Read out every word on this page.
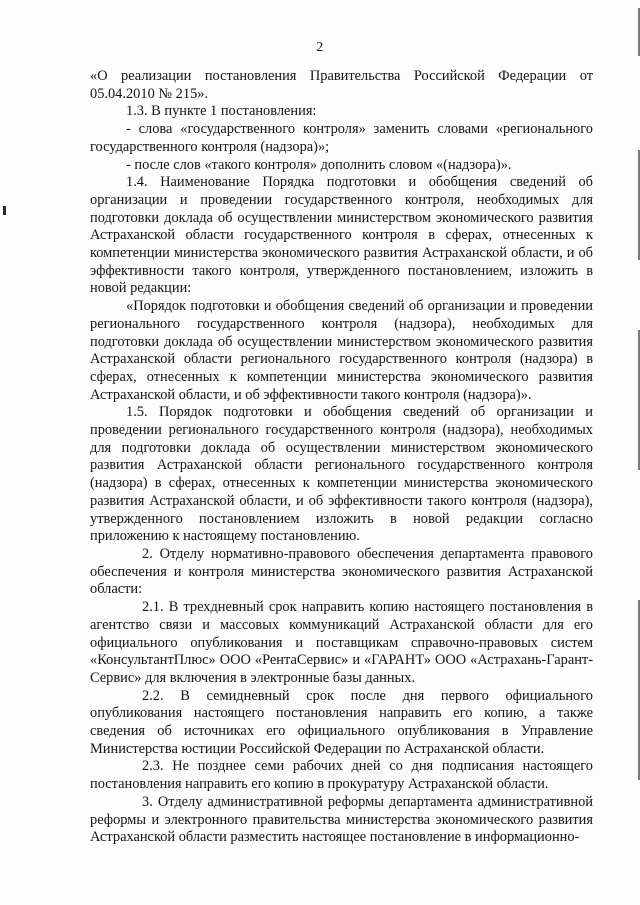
2

«О реализации постановления Правительства Российской Федерации от 05.04.2010 № 215».

1.3. В пункте 1 постановления:

- слова «государственного контроля» заменить словами «регионального государственного контроля (надзора)»;

- после слов «такого контроля» дополнить словом «(надзора)».

1.4. Наименование Порядка подготовки и обобщения сведений об организации и проведении государственного контроля, необходимых для подготовки доклада об осуществлении министерством экономического развития Астраханской области государственного контроля в сферах, отнесенных к компетенции министерства экономического развития Астраханской области, и об эффективности такого контроля, утвержденного постановлением, изложить в новой редакции:

«Порядок подготовки и обобщения сведений об организации и проведении регионального государственного контроля (надзора), необходимых для подготовки доклада об осуществлении министерством экономического развития Астраханской области регионального государственного контроля (надзора) в сферах, отнесенных к компетенции министерства экономического развития Астраханской области, и об эффективности такого контроля (надзора)».

1.5. Порядок подготовки и обобщения сведений об организации и проведении регионального государственного контроля (надзора), необходимых для подготовки доклада об осуществлении министерством экономического развития Астраханской области регионального государственного контроля (надзора) в сферах, отнесенных к компетенции министерства экономического развития Астраханской области, и об эффективности такого контроля (надзора), утвержденного постановлением изложить в новой редакции согласно приложению к настоящему постановлению.

2. Отделу нормативно-правового обеспечения департамента правового обеспечения и контроля министерства экономического развития Астраханской области:

2.1. В трехдневный срок направить копию настоящего постановления в агентство связи и массовых коммуникаций Астраханской области для его официального опубликования и поставщикам справочно-правовых систем «КонсультантПлюс» ООО «РентаСервис» и «ГАРАНТ» ООО «Астрахань-Гарант-Сервис» для включения в электронные базы данных.

2.2. В семидневный срок после дня первого официального опубликования настоящего постановления направить его копию, а также сведения об источниках его официального опубликования в Управление Министерства юстиции Российской Федерации по Астраханской области.

2.3. Не позднее семи рабочих дней со дня подписания настоящего постановления направить его копию в прокуратуру Астраханской области.

3. Отделу административной реформы департамента административной реформы и электронного правительства министерства экономического развития Астраханской области разместить настоящее постановление в информационно-
